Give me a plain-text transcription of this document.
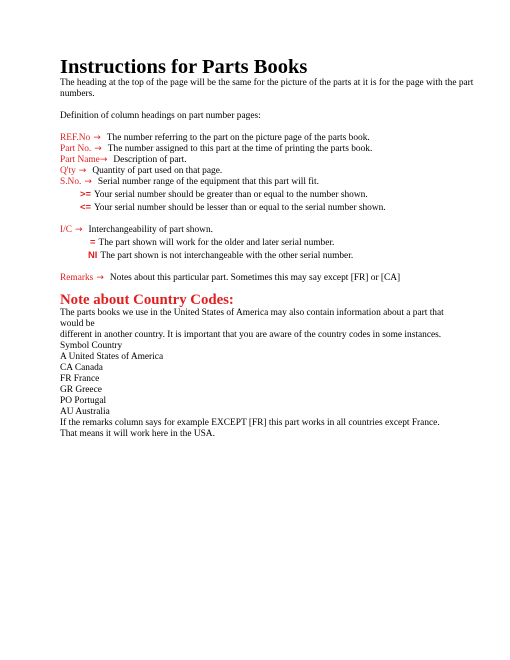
Instructions for Parts Books

The heading at the top of the page will be the same for the picture of the parts at it is for the page with the part numbers.

Definition of column headings on part number pages:
REF.No → The number referring to the part on the picture page of the parts book.
Part No. → The number assigned to this part at the time of printing the parts book.
Part Name→ Description of part.
Q'ty → Quantity of part used on that page.
S.No. → Serial number range of the equipment that this part will fit.
>= Your serial number should be greater than or equal to the number shown.
<= Your serial number should be lesser than or equal to the serial number shown.
I/C → Interchangeability of part shown.
= The part shown will work for the older and later serial number.
NI The part shown is not interchangeable with the other serial number.
Remarks → Notes about this particular part. Sometimes this may say except [FR] or [CA]
Note about Country Codes:
The parts books we use in the United States of America may also contain information about a part that
would be
different in another country. It is important that you are aware of the country codes in some instances.
Symbol Country
A United States of America
CA Canada
FR France
GR Greece
PO Portugal
AU Australia
If the remarks column says for example EXCEPT [FR] this part works in all countries except France.
That means it will work here in the USA.
